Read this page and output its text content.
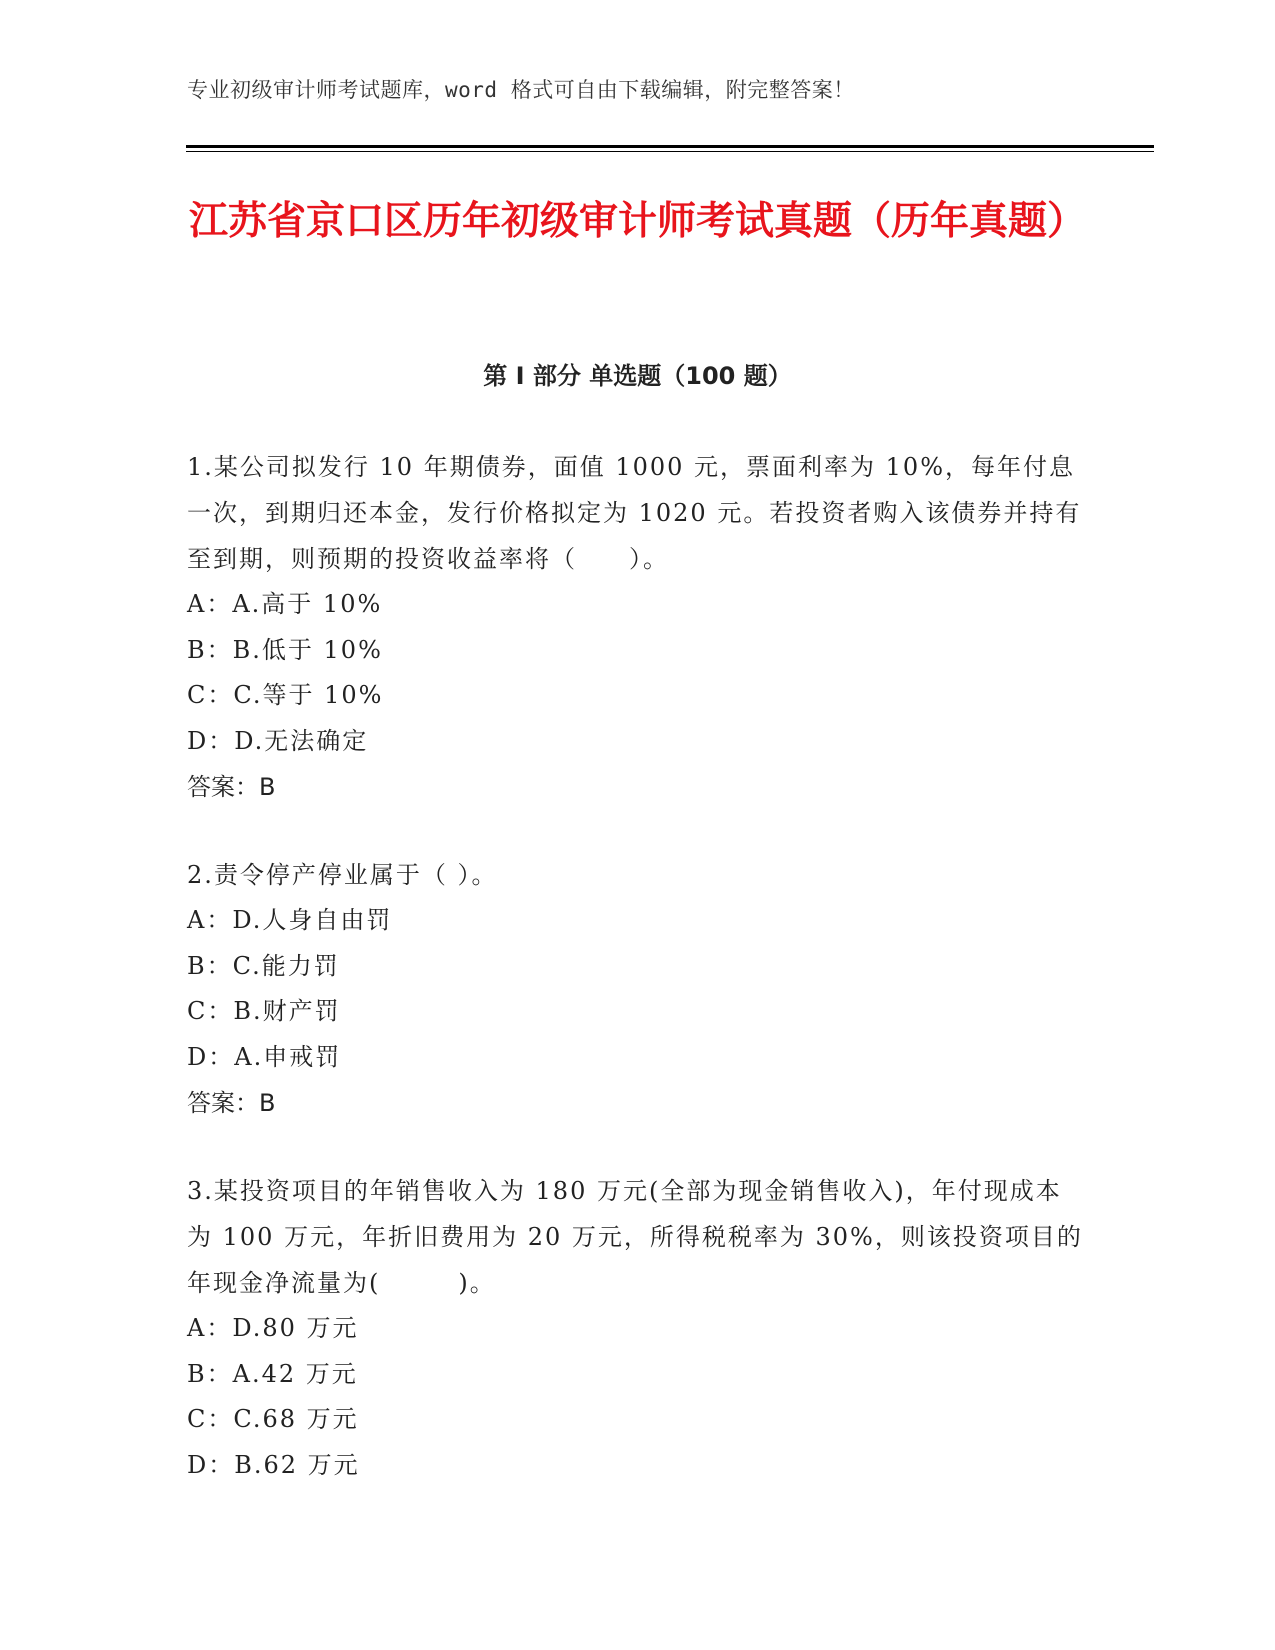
专业初级审计师考试题库，word 格式可自由下载编辑，附完整答案！
江苏省京口区历年初级审计师考试真题（历年真题）
第 I 部分 单选题（100 题）
1.某公司拟发行 10 年期债券，面值 1000 元，票面利率为 10%，每年付息一次，到期归还本金，发行价格拟定为 1020 元。若投资者购入该债券并持有至到期，则预期的投资收益率将（　　）。
A：A.高于 10%
B：B.低于 10%
C：C.等于 10%
D：D.无法确定
答案：B
2.责令停产停业属于（ ）。
A：D.人身自由罚
B：C.能力罚
C：B.财产罚
D：A.申戒罚
答案：B
3.某投资项目的年销售收入为 180 万元(全部为现金销售收入)，年付现成本为 100 万元，年折旧费用为 20 万元，所得税税率为 30%，则该投资项目的年现金净流量为(　　　)。
A：D.80 万元
B：A.42 万元
C：C.68 万元
D：B.62 万元
